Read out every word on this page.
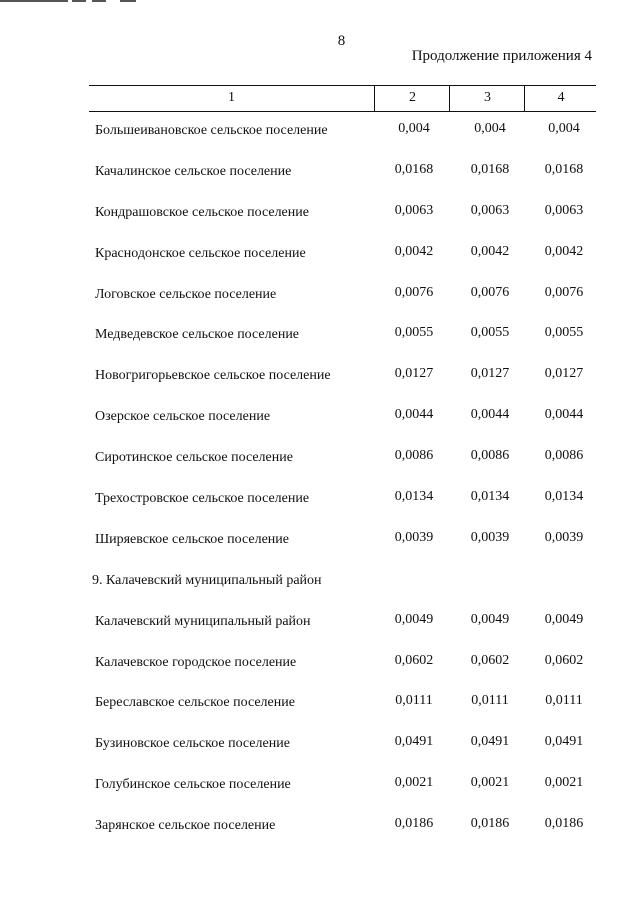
8
Продолжение приложения 4
1	2	3	4
Большеивановское сельское поселение	0,004	0,004	0,004
Качалинское сельское поселение	0,0168	0,0168	0,0168
Кондрашовское сельское поселение	0,0063	0,0063	0,0063
Краснодонское сельское поселение	0,0042	0,0042	0,0042
Логовское сельское поселение	0,0076	0,0076	0,0076
Медведевское сельское поселение	0,0055	0,0055	0,0055
Новогригорьевское сельское поселение	0,0127	0,0127	0,0127
Озерское сельское поселение	0,0044	0,0044	0,0044
Сиротинское сельское поселение	0,0086	0,0086	0,0086
Трехостровское сельское поселение	0,0134	0,0134	0,0134
Ширяевское сельское поселение	0,0039	0,0039	0,0039
9. Калачевский муниципальный район
Калачевский муниципальный район	0,0049	0,0049	0,0049
Калачевское городское поселение	0,0602	0,0602	0,0602
Береславское сельское поселение	0,0111	0,0111	0,0111
Бузиновское сельское поселение	0,0491	0,0491	0,0491
Голубинское сельское поселение	0,0021	0,0021	0,0021
Зарянское сельское поселение	0,0186	0,0186	0,0186
